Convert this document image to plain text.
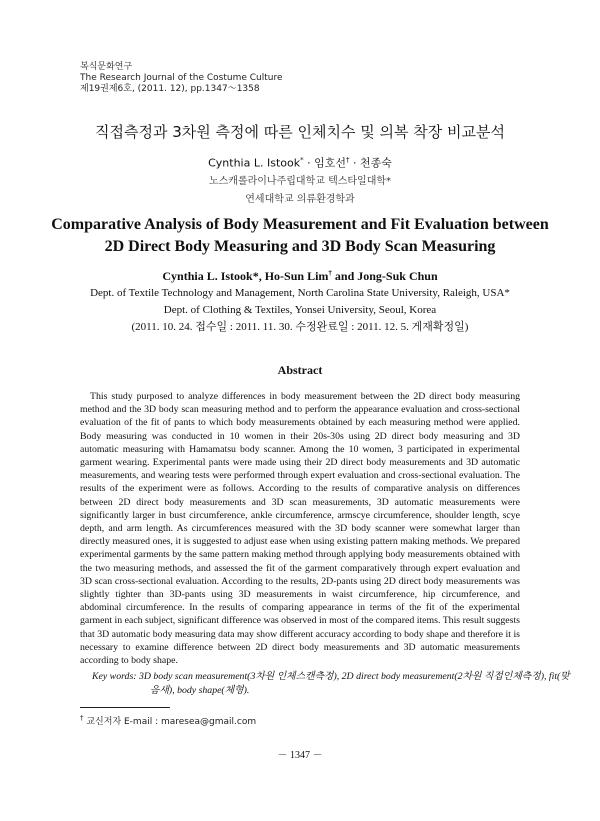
복식문화연구
The Research Journal of the Costume Culture
제19권제6호, (2011. 12), pp.1347～1358
직접측정과 3차원 측정에 따른 인체치수 및 의복 착장 비교분석
Cynthia L. Istook* · 임호선† · 천종숙
노스캐롤라이나주립대학교 텍스타일대학*
연세대학교 의류환경학과
Comparative Analysis of Body Measurement and Fit Evaluation between
2D Direct Body Measuring and 3D Body Scan Measuring
Cynthia L. Istook*, Ho-Sun Lim† and Jong-Suk Chun
Dept. of Textile Technology and Management, North Carolina State University, Raleigh, USA*
Dept. of Clothing & Textiles, Yonsei University, Seoul, Korea
(2011. 10. 24. 접수일 : 2011. 11. 30. 수정완료일 : 2011. 12. 5. 게재확정일)
Abstract
This study purposed to analyze differences in body measurement between the 2D direct body measuring method and the 3D body scan measuring method and to perform the appearance evaluation and cross-sectional evaluation of the fit of pants to which body measurements obtained by each measuring method were applied. Body measuring was conducted in 10 women in their 20s-30s using 2D direct body measuring and 3D automatic measuring with Hamamatsu body scanner. Among the 10 women, 3 participated in experimental garment wearing. Experimental pants were made using their 2D direct body measurements and 3D automatic measurements, and wearing tests were performed through expert evaluation and cross-sectional evaluation. The results of the experiment were as follows. According to the results of comparative analysis on differences between 2D direct body measurements and 3D scan measurements, 3D automatic measurements were significantly larger in bust circumference, ankle circumference, armscye circumference, shoulder length, scye depth, and arm length. As circumferences measured with the 3D body scanner were somewhat larger than directly measured ones, it is suggested to adjust ease when using existing pattern making methods. We prepared experimental garments by the same pattern making method through applying body measurements obtained with the two measuring methods, and assessed the fit of the garment comparatively through expert evaluation and 3D scan cross-sectional evaluation. According to the results, 2D-pants using 2D direct body measurements was slightly tighter than 3D-pants using 3D measurements in waist circumference, hip circumference, and abdominal circumference. In the results of comparing appearance in terms of the fit of the experimental garment in each subject, significant difference was observed in most of the compared items. This result suggests that 3D automatic body measuring data may show different accuracy according to body shape and therefore it is necessary to examine difference between 2D direct body measurements and 3D automatic measurements according to body shape.
Key words: 3D body scan measurement(3차원 인체스캔측정), 2D direct body measurement(2차원 직접인체측정), fit(맞음새), body shape(체형).
† 교신저자 E-mail : maresea@gmail.com
－ 1347 －
